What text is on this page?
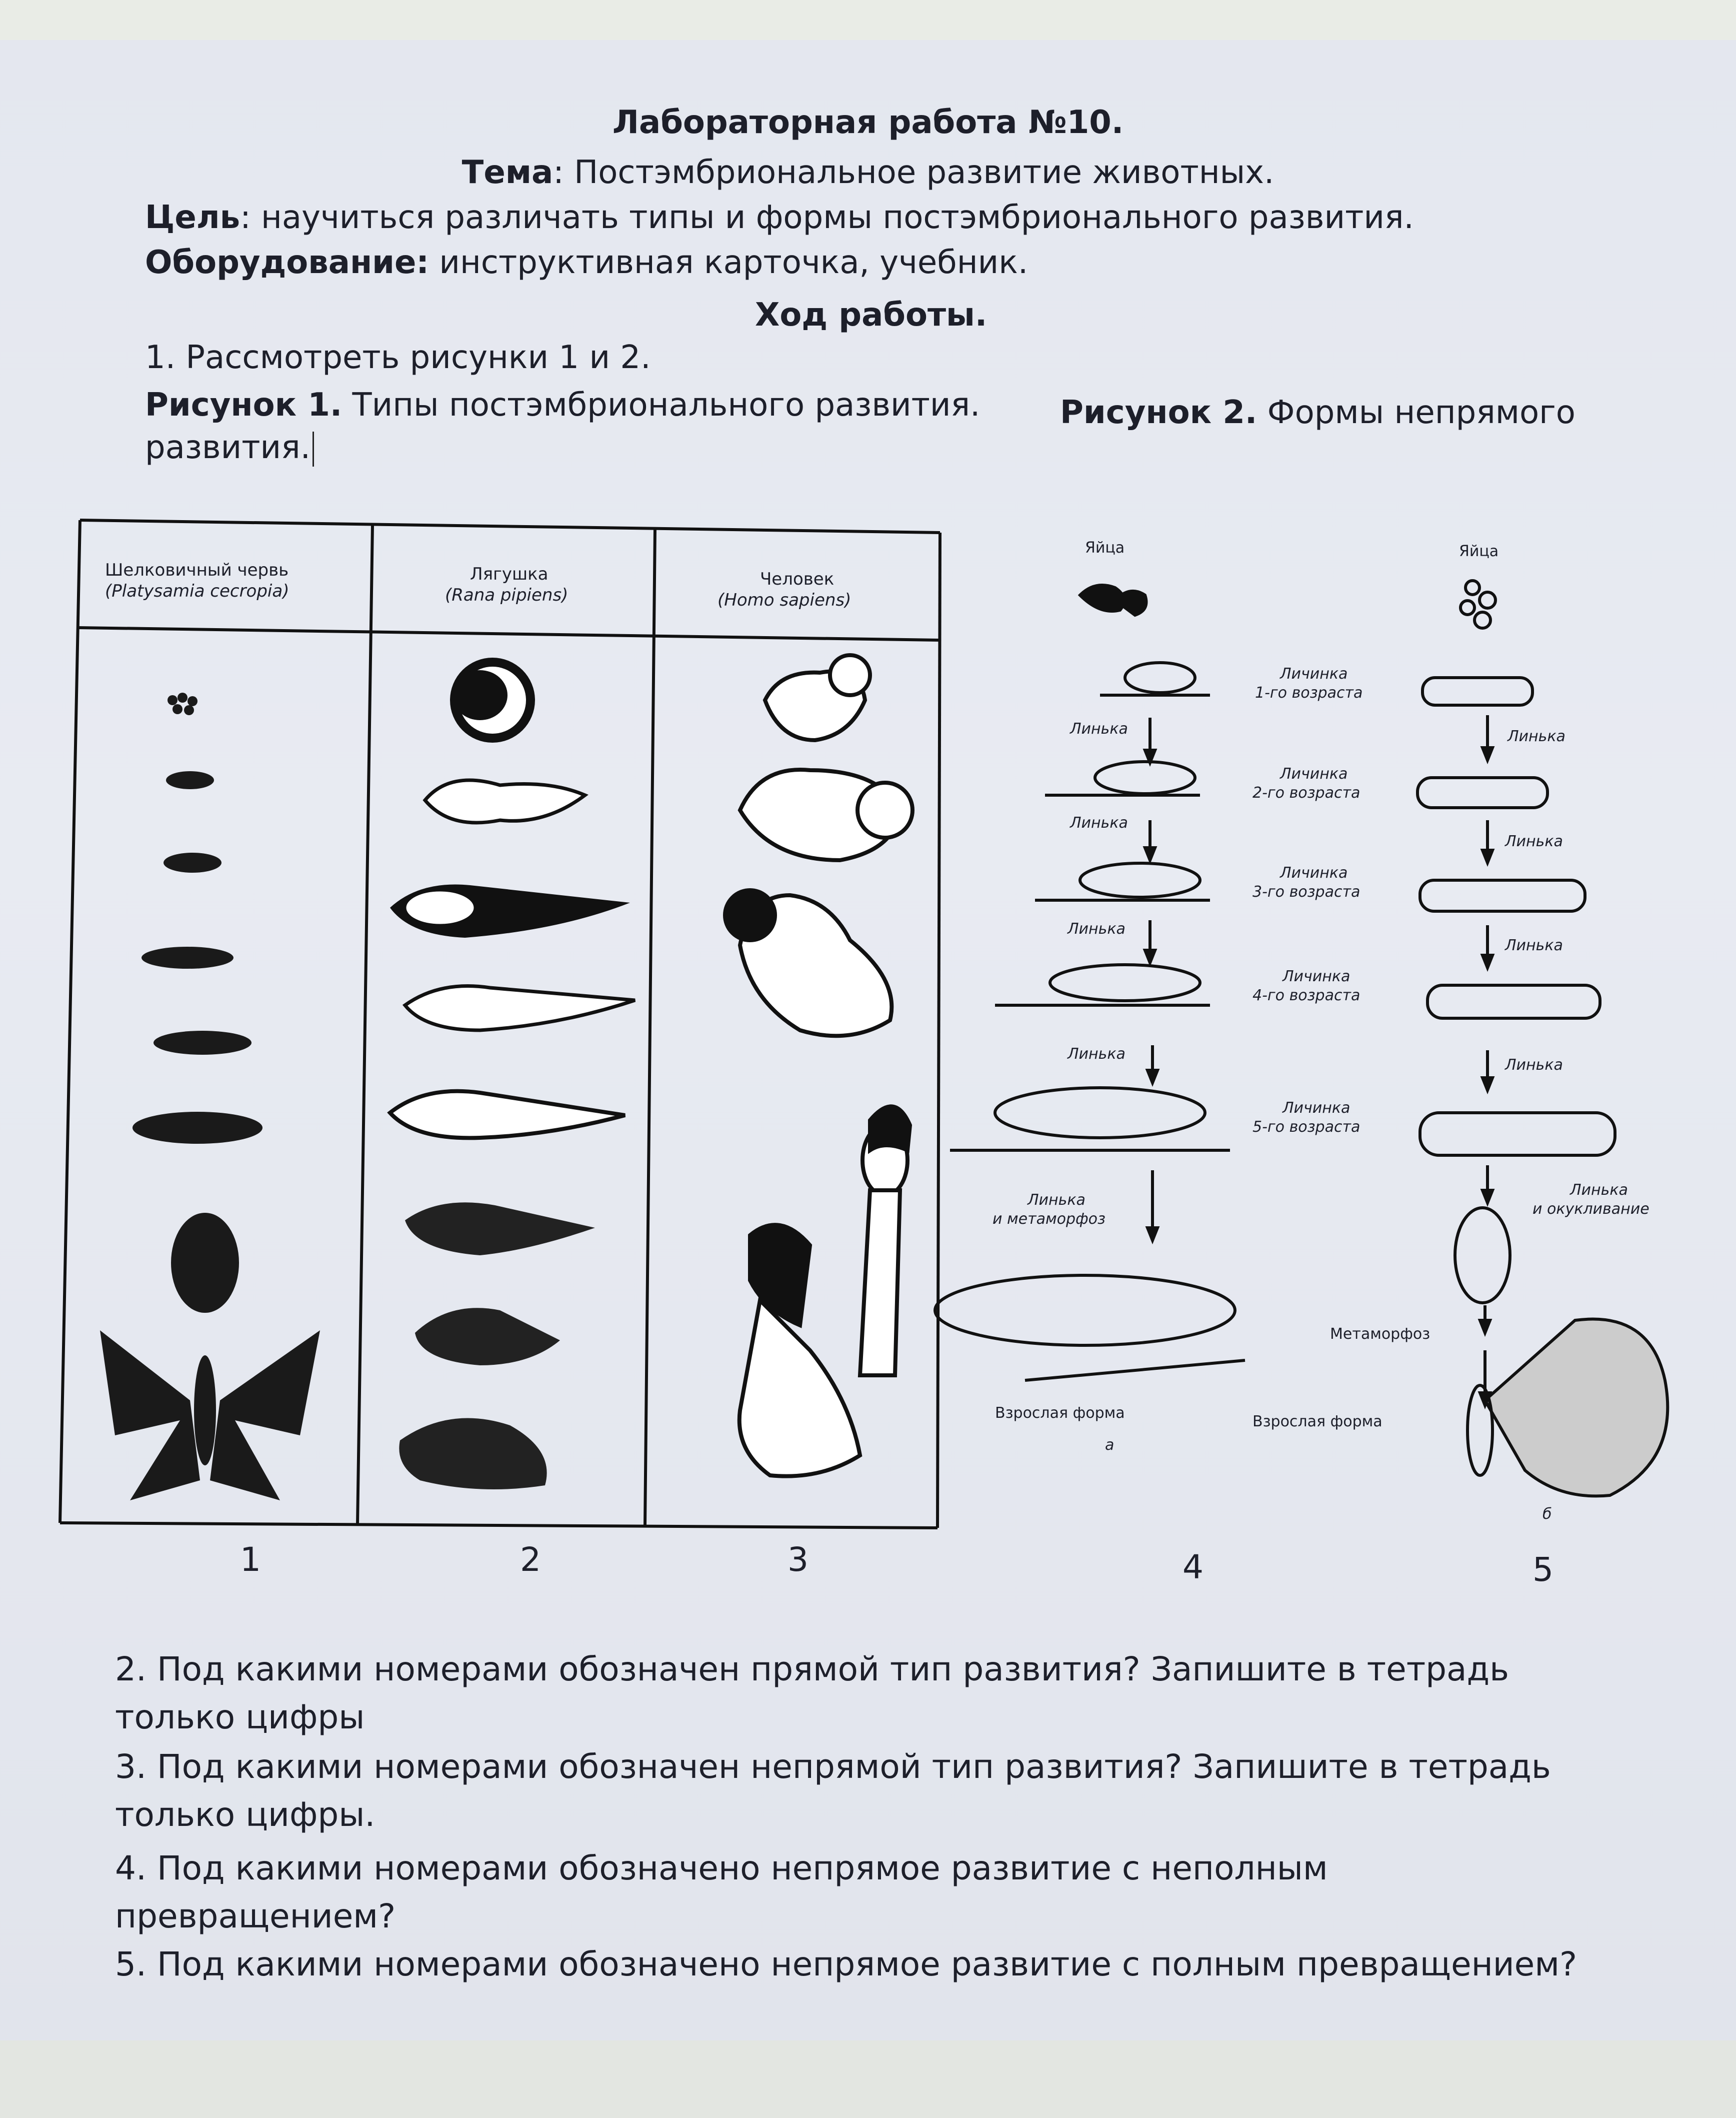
Лабораторная работа №10.
Тема: Постэмбриональное развитие животных.
Цель: научиться различать типы и формы постэмбрионального развития.
Оборудование: инструктивная карточка, учебник.
Ход работы.
1. Рассмотреть рисунки 1 и 2.
Рисунок 1. Типы постэмбрионального развития. Рисунок 2. Формы непрямого
развития.
Шелковичный червь
(Platysamia cecropia)
Лягушка
(Rana pipiens)
Человек
(Homo sapiens)
1	2	3	4	5
Яйца	Яйца
Линька
Линька
Линька
Линька
Линька
и метаморфоз
Личинка
1-го возраста
Личинка
2-го возраста
Личинка
3-го возраста
Личинка
4-го возраста
Личинка
5-го возраста
Линька
Линька
Линька
Линька
Линька
и окукливание
Метаморфоз
Взрослая форма	Взрослая форма
а
б
2. Под какими номерами обозначен прямой тип развития? Запишите в тетрадь только цифры
3. Под какими номерами обозначен непрямой тип развития? Запишите в тетрадь только цифры.
4. Под какими номерами обозначено непрямое развитие с неполным превращением?
5. Под какими номерами обозначено непрямое развитие с полным превращением?
